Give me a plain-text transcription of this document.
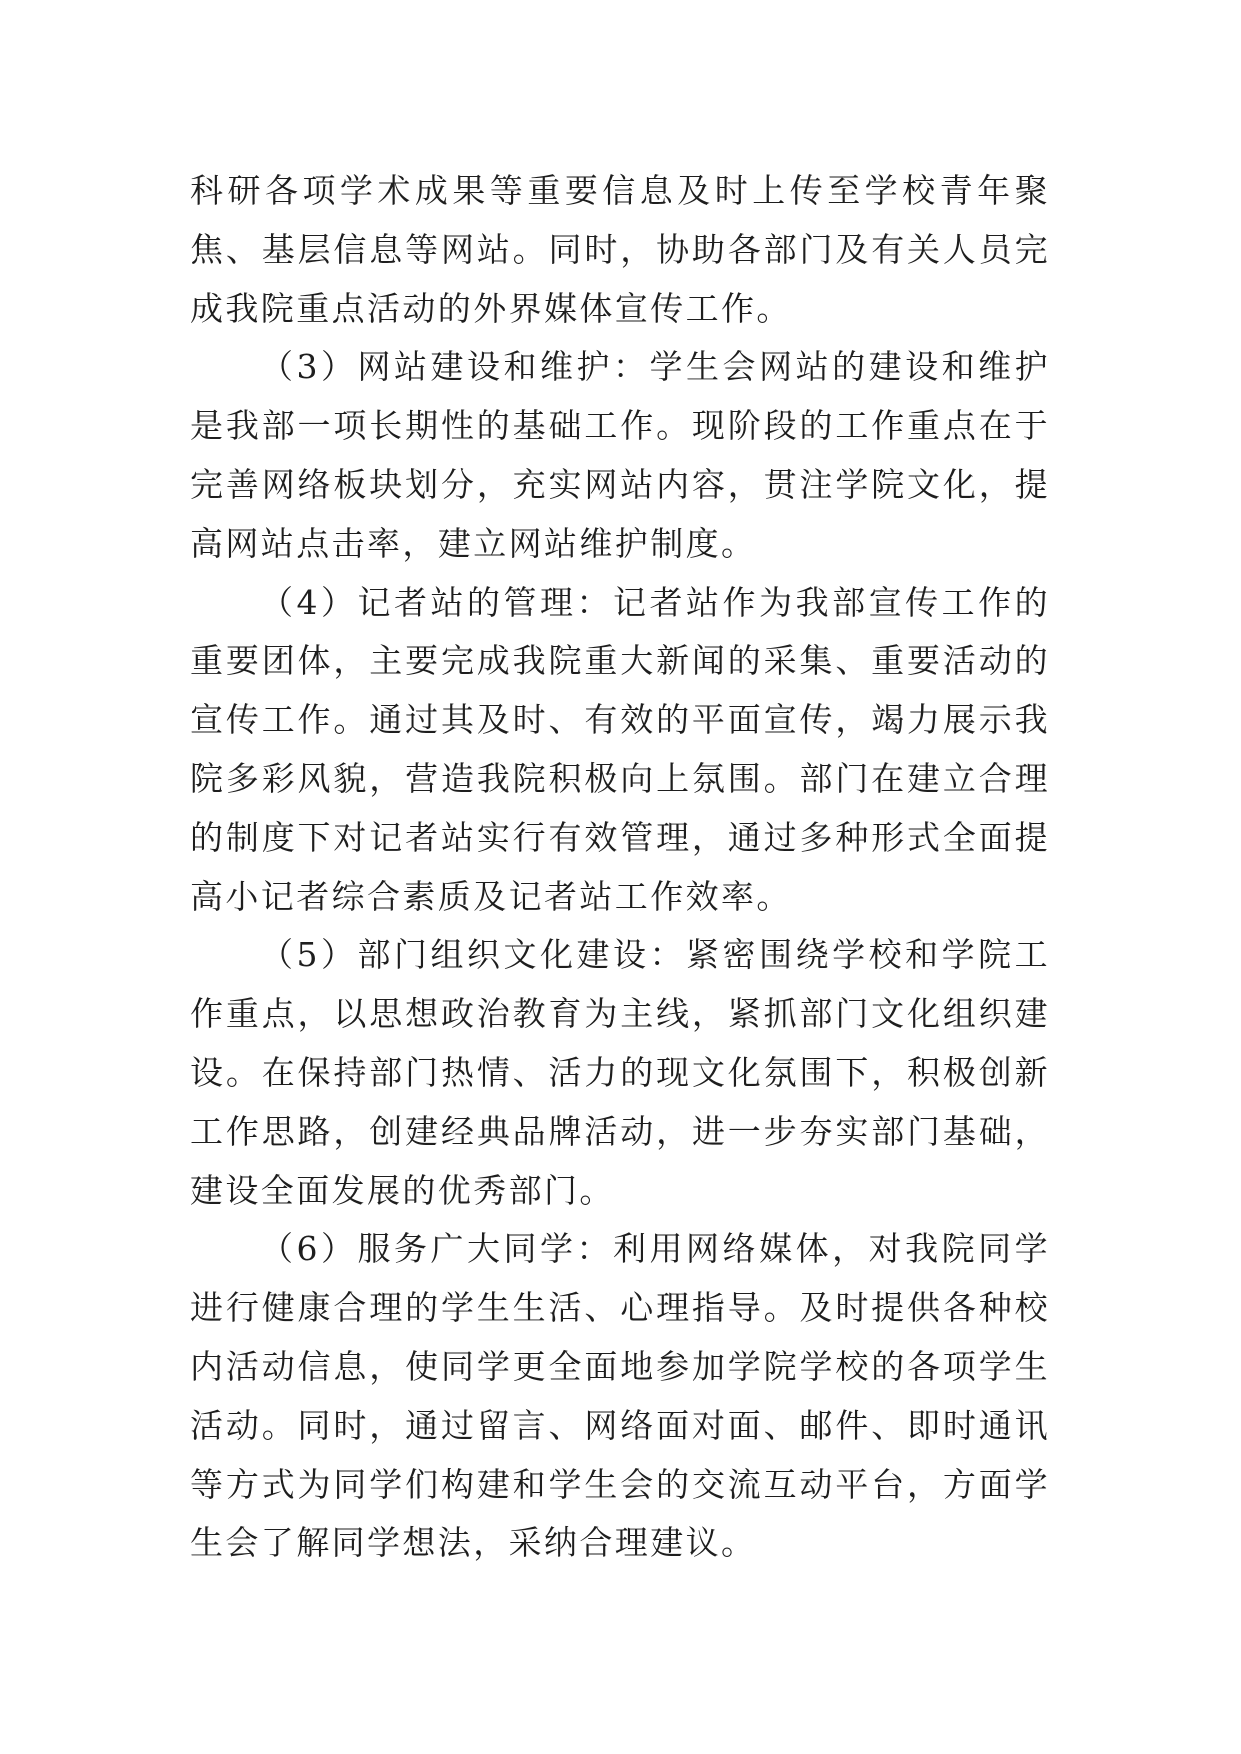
科研各项学术成果等重要信息及时上传至学校青年聚焦、基层信息等网站。同时，协助各部门及有关人员完成我院重点活动的外界媒体宣传工作。

（3）网站建设和维护：学生会网站的建设和维护是我部一项长期性的基础工作。现阶段的工作重点在于完善网络板块划分，充实网站内容，贯注学院文化，提高网站点击率，建立网站维护制度。

（4）记者站的管理：记者站作为我部宣传工作的重要团体，主要完成我院重大新闻的采集、重要活动的宣传工作。通过其及时、有效的平面宣传，竭力展示我院多彩风貌，营造我院积极向上氛围。部门在建立合理的制度下对记者站实行有效管理，通过多种形式全面提高小记者综合素质及记者站工作效率。

（5）部门组织文化建设：紧密围绕学校和学院工作重点，以思想政治教育为主线，紧抓部门文化组织建设。在保持部门热情、活力的现文化氛围下，积极创新工作思路，创建经典品牌活动，进一步夯实部门基础，建设全面发展的优秀部门。

（6）服务广大同学：利用网络媒体，对我院同学进行健康合理的学生生活、心理指导。及时提供各种校内活动信息，使同学更全面地参加学院学校的各项学生活动。同时，通过留言、网络面对面、邮件、即时通讯等方式为同学们构建和学生会的交流互动平台，方面学生会了解同学想法，采纳合理建议。
